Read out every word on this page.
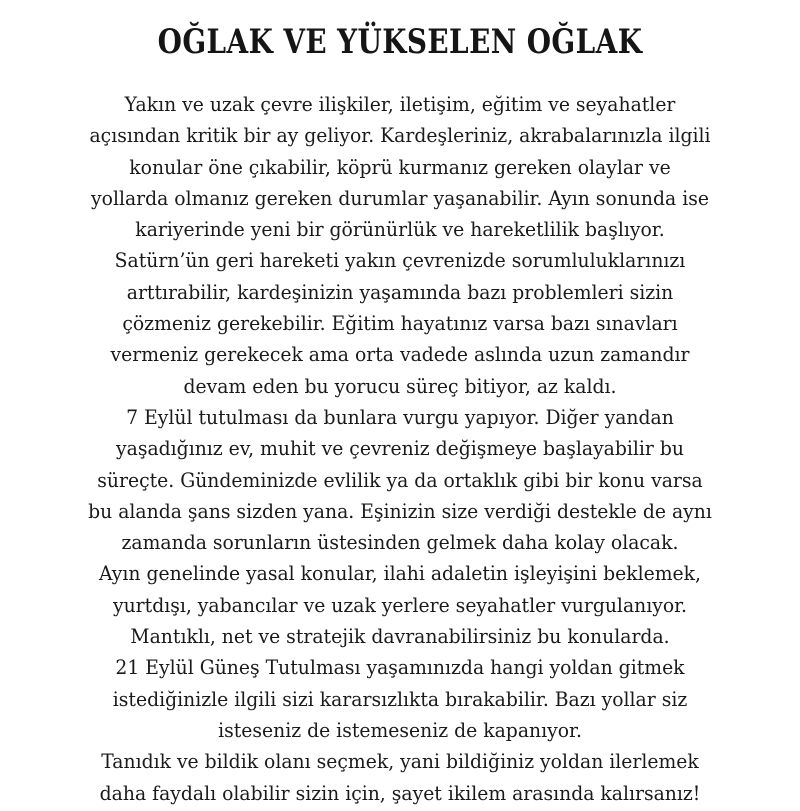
OĞLAK VE YÜKSELEN OĞLAK
Yakın ve uzak çevre ilişkiler, iletişim, eğitim ve seyahatler
açısından kritik bir ay geliyor. Kardeşleriniz, akrabalarınızla ilgili
konular öne çıkabilir, köprü kurmanız gereken olaylar ve
yollarda olmanız gereken durumlar yaşanabilir. Ayın sonunda ise
kariyerinde yeni bir görünürlük ve hareketlilik başlıyor.
Satürn’ün geri hareketi yakın çevrenizde sorumluluklarınızı
arttırabilir, kardeşinizin yaşamında bazı problemleri sizin
çözmeniz gerekebilir. Eğitim hayatınız varsa bazı sınavları
vermeniz gerekecek ama orta vadede aslında uzun zamandır
devam eden bu yorucu süreç bitiyor, az kaldı.
7 Eylül tutulması da bunlara vurgu yapıyor. Diğer yandan
yaşadığınız ev, muhit ve çevreniz değişmeye başlayabilir bu
süreçte. Gündeminizde evlilik ya da ortaklık gibi bir konu varsa
bu alanda şans sizden yana. Eşinizin size verdiği destekle de aynı
zamanda sorunların üstesinden gelmek daha kolay olacak.
Ayın genelinde yasal konular, ilahi adaletin işleyişini beklemek,
yurtdışı, yabancılar ve uzak yerlere seyahatler vurgulanıyor.
Mantıklı, net ve stratejik davranabilirsiniz bu konularda.
21 Eylül Güneş Tutulması yaşamınızda hangi yoldan gitmek
istediğinizle ilgili sizi kararsızlıkta bırakabilir. Bazı yollar siz
isteseniz de istemeseniz de kapanıyor.
Tanıdık ve bildik olanı seçmek, yani bildiğiniz yoldan ilerlemek
daha faydalı olabilir sizin için, şayet ikilem arasında kalırsanız!
